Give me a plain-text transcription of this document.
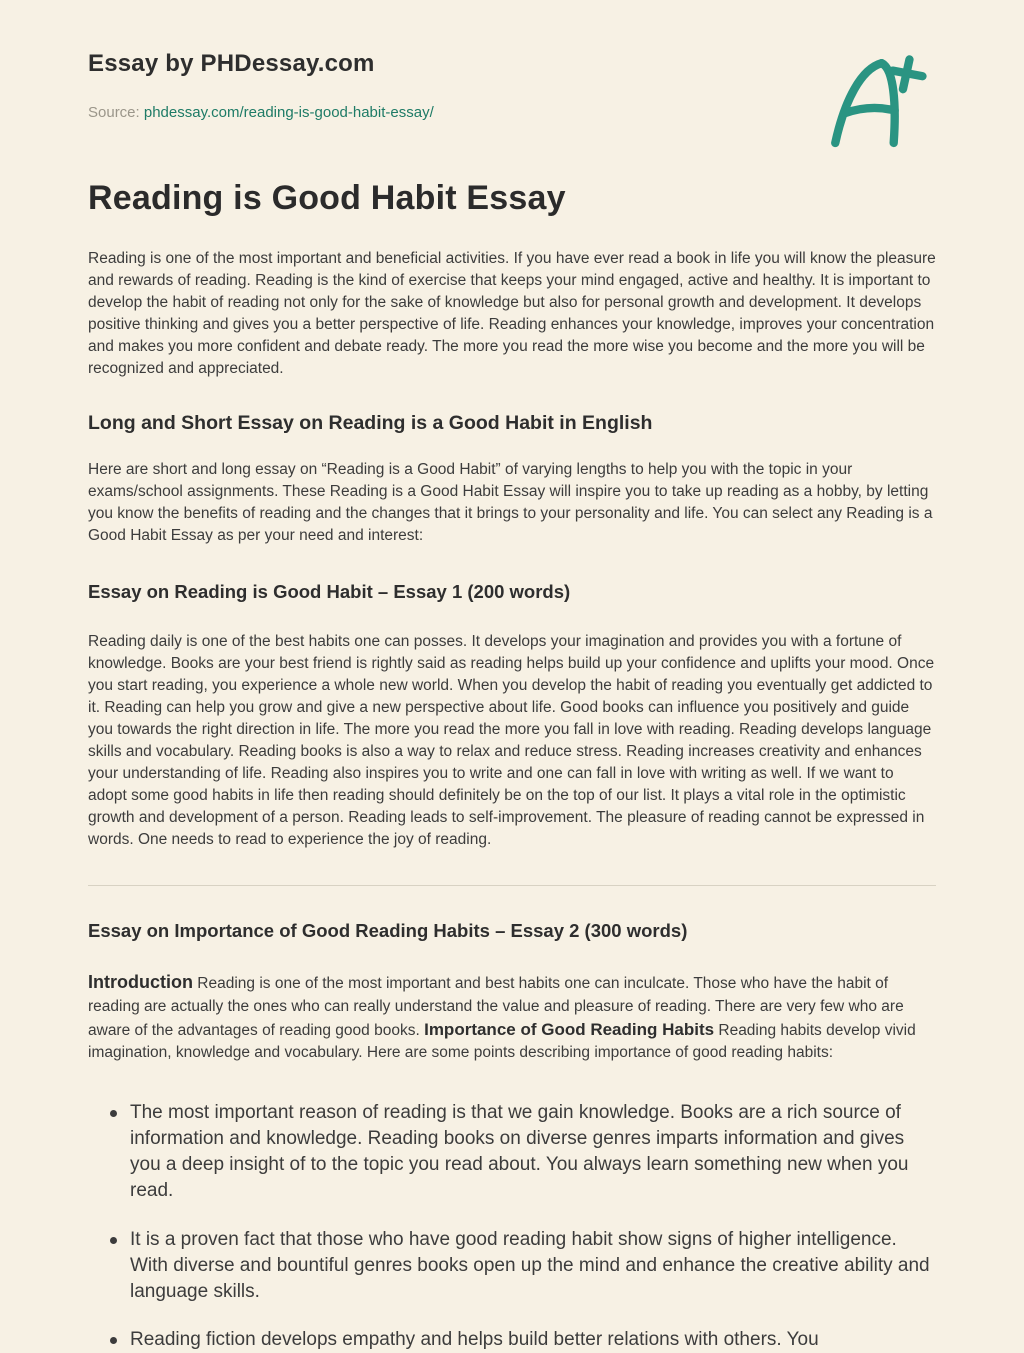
Essay by PHDessay.com
Source: phdessay.com/reading-is-good-habit-essay/
Reading is Good Habit Essay

Reading is one of the most important and beneficial activities. If you have ever read a book in life you will know the pleasure and rewards of reading. Reading is the kind of exercise that keeps your mind engaged, active and healthy. It is important to develop the habit of reading not only for the sake of knowledge but also for personal growth and development. It develops positive thinking and gives you a better perspective of life. Reading enhances your knowledge, improves your concentration and makes you more confident and debate ready. The more you read the more wise you become and the more you will be recognized and appreciated.

Long and Short Essay on Reading is a Good Habit in English

Here are short and long essay on “Reading is a Good Habit” of varying lengths to help you with the topic in your exams/school assignments. These Reading is a Good Habit Essay will inspire you to take up reading as a hobby, by letting you know the benefits of reading and the changes that it brings to your personality and life. You can select any Reading is a Good Habit Essay as per your need and interest:

Essay on Reading is Good Habit – Essay 1 (200 words)

Reading daily is one of the best habits one can posses. It develops your imagination and provides you with a fortune of knowledge. Books are your best friend is rightly said as reading helps build up your confidence and uplifts your mood. Once you start reading, you experience a whole new world. When you develop the habit of reading you eventually get addicted to it. Reading can help you grow and give a new perspective about life. Good books can influence you positively and guide you towards the right direction in life. The more you read the more you fall in love with reading. Reading develops language skills and vocabulary. Reading books is also a way to relax and reduce stress. Reading increases creativity and enhances your understanding of life. Reading also inspires you to write and one can fall in love with writing as well. If we want to adopt some good habits in life then reading should definitely be on the top of our list. It plays a vital role in the optimistic growth and development of a person. Reading leads to self-improvement. The pleasure of reading cannot be expressed in words. One needs to read to experience the joy of reading.

Essay on Importance of Good Reading Habits – Essay 2 (300 words)

Introduction Reading is one of the most important and best habits one can inculcate. Those who have the habit of reading are actually the ones who can really understand the value and pleasure of reading. There are very few who are aware of the advantages of reading good books. Importance of Good Reading Habits Reading habits develop vivid imagination, knowledge and vocabulary. Here are some points describing importance of good reading habits:

The most important reason of reading is that we gain knowledge. Books are a rich source of information and knowledge. Reading books on diverse genres imparts information and gives you a deep insight of to the topic you read about. You always learn something new when you read.
It is a proven fact that those who have good reading habit show signs of higher intelligence. With diverse and bountiful genres books open up the mind and enhance the creative ability and language skills.
Reading fiction develops empathy and helps build better relations with others. You
